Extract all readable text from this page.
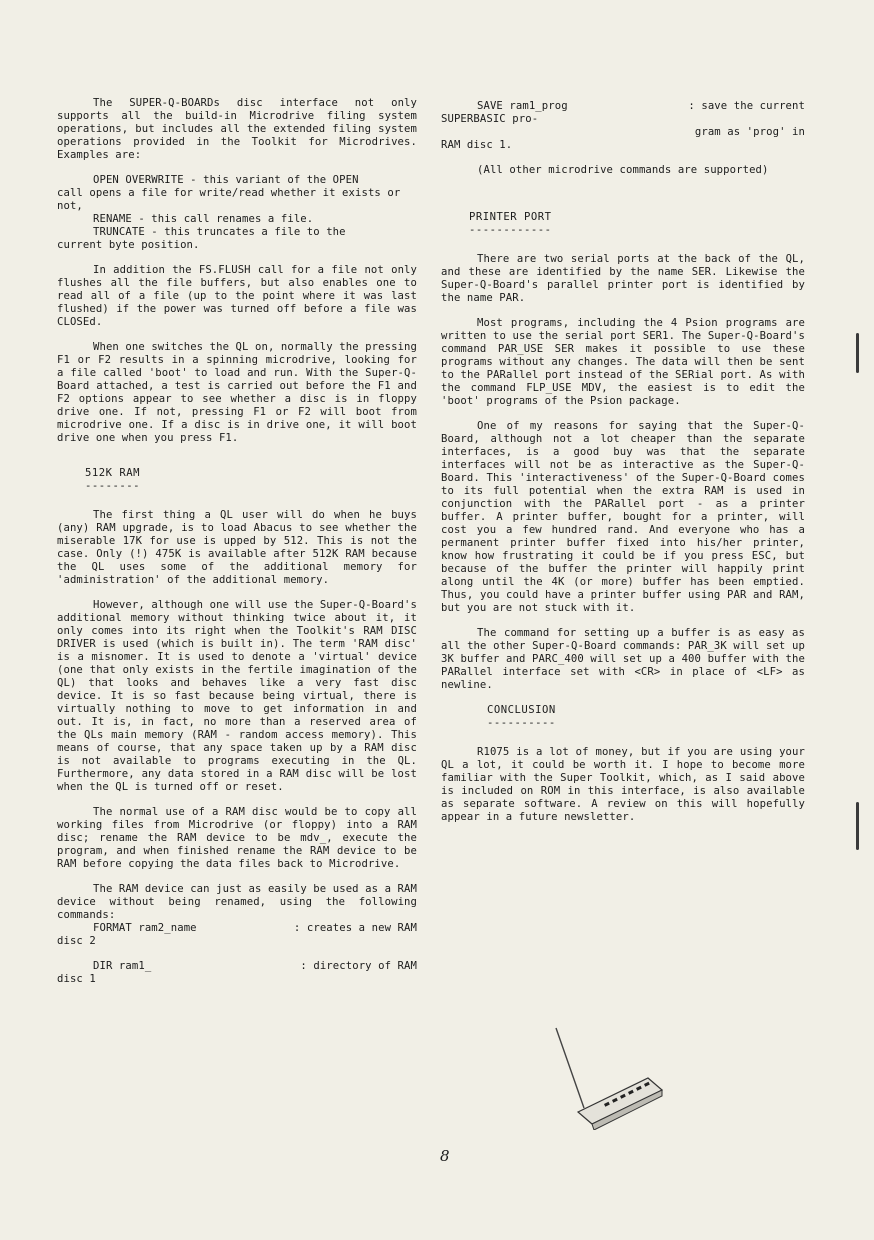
The SUPER-Q-BOARDs disc interface not only supports all the build-in Microdrive filing system operations, but includes all the extended filing system operations provided in the Toolkit for Microdrives. Examples are:

OPEN OVERWRITE - this variant of the OPEN
call opens a file for write/read whether it exists or not,
RENAME - this call renames a file.
TRUNCATE - this truncates a file to the
current byte position.

In addition the FS.FLUSH call for a file not only flushes all the file buffers, but also enables one to read all of a file (up to the point where it was last flushed) if the power was turned off before a file was CLOSEd.

When one switches the QL on, normally the pressing F1 or F2 results in a spinning microdrive, looking for a file called 'boot' to load and run. With the Super-Q-Board attached, a test is carried out before the F1 and F2 options appear to see whether a disc is in floppy drive one. If not, pressing F1 or F2 will boot from microdrive one. If a disc is in drive one, it will boot drive one when you press F1.

512K RAM
--------

The first thing a QL user will do when he buys (any) RAM upgrade, is to load Abacus to see whether the miserable 17K for use is upped by 512. This is not the case. Only (!) 475K is available after 512K RAM because the QL uses some of the additional memory for 'administration' of the additional memory.

However, although one will use the Super-Q-Board's additional memory without thinking twice about it, it only comes into its right when the Toolkit's RAM DISC DRIVER is used (which is built in). The term 'RAM disc' is a misnomer. It is used to denote a 'virtual' device (one that only exists in the fertile imagination of the QL) that looks and behaves like a very fast disc device. It is so fast because being virtual, there is virtually nothing to move to get information in and out. It is, in fact, no more than a reserved area of the QLs main memory (RAM - random access memory). This means of course, that any space taken up by a RAM disc is not available to programs executing in the QL. Furthermore, any data stored in a RAM disc will be lost when the QL is turned off or reset.

The normal use of a RAM disc would be to copy all working files from Microdrive (or floppy) into a RAM disc; rename the RAM device to be mdv_, execute the program, and when finished rename the RAM device to be RAM before copying the data files back to Microdrive.

The RAM device can just as easily be used as a RAM device without being renamed, using the following commands:

FORMAT ram2_name	: creates a new RAM
disc 2
DIR ram1_	: directory of RAM
disc 1
SAVE ram1_prog	: save the current
SUPERBASIC pro-
gram as 'prog' in
RAM disc 1.

(All other microdrive commands are supported)

PRINTER PORT
------------

There are two serial ports at the back of the QL, and these are identified by the name SER. Likewise the Super-Q-Board's parallel printer port is identified by the name PAR.

Most programs, including the 4 Psion programs are written to use the serial port SER1. The Super-Q-Board's command PAR_USE SER makes it possible to use these programs without any changes. The data will then be sent to the PARallel port instead of the SERial port. As with the command FLP_USE MDV, the easiest is to edit the 'boot' programs of the Psion package.

One of my reasons for saying that the Super-Q-Board, although not a lot cheaper than the separate interfaces, is a good buy was that the separate interfaces will not be as interactive as the Super-Q-Board. This 'interactiveness' of the Super-Q-Board comes to its full potential when the extra RAM is used in conjunction with the PARallel port - as a printer buffer. A printer buffer, bought for a printer, will cost you a few hundred rand. And everyone who has a permanent printer buffer fixed into his/her printer, know how frustrating it could be if you press ESC, but because of the buffer the printer will happily print along until the 4K (or more) buffer has been emptied. Thus, you could have a printer buffer using PAR and RAM, but you are not stuck with it.

The command for setting up a buffer is as easy as all the other Super-Q-Board commands: PAR_3K will set up 3K buffer and PARC_400 will set up a 400 buffer with the PARallel interface set with <CR> in place of <LF> as newline.

CONCLUSION
----------

R1075 is a lot of money, but if you are using your QL a lot, it could be worth it. I hope to become more familiar with the Super Toolkit, which, as I said above is included on ROM in this interface, is also available as separate software. A review on this will hopefully appear in a future newsletter.

8
